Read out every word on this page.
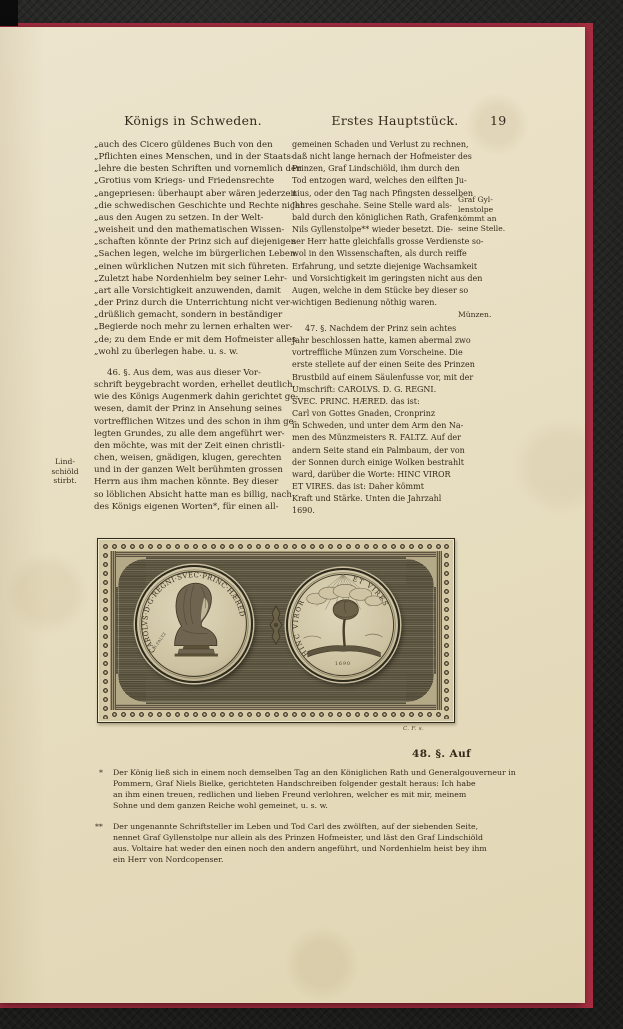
Königs in Schweden.	Erstes Hauptstück.	19
„auch des Cicero güldenes Buch von den
„Pflichten eines Menschen, und in der Staats-
„lehre die besten Schriften und vornemlich den
„Grotius vom Kriegs- und Friedensrechte
„angepriesen: überhaupt aber wären jederzeit
„die schwedischen Geschichte und Rechte nicht
„aus den Augen zu setzen. In der Welt-
„weisheit und den mathematischen Wissen-
„schaften könnte der Prinz sich auf diejenigen
„Sachen legen, welche im bürgerlichen Leben
„einen würklichen Nutzen mit sich führeten.
„Zuletzt habe Nordenhielm bey seiner Lehr-
„art alle Vorsichtigkeit anzuwenden, damit
„der Prinz durch die Unterrichtung nicht ver-
„drüßlich gemacht, sondern in beständiger
„Begierde noch mehr zu lernen erhalten wer-
„de; zu dem Ende er mit dem Hofmeister alles
„wohl zu überlegen habe. u. s. w.
46. §. Aus dem, was aus dieser Vor-
schrift beygebracht worden, erhellet deutlich,
wie des Königs Augenmerk dahin gerichtet ge-
wesen, damit der Prinz in Ansehung seines
vortrefflichen Witzes und des schon in ihm ge-
legten Grundes, zu alle dem angeführt wer-
den möchte, was mit der Zeit einen christli-
chen, weisen, gnädigen, klugen, gerechten
und in der ganzen Welt berühmten grossen
Herrn aus ihm machen könnte. Bey dieser
so löblichen Absicht hatte man es billig, nach
des Königs eigenen Worten*, für einen all-
gemeinen Schaden und Verlust zu rechnen,
daß nicht lange hernach der Hofmeister des
Prinzen, Graf Lindschiöld, ihm durch den
Tod entzogen ward, welches den eilften Ju-
nius, oder den Tag nach Pfingsten desselben
Jahres geschahe. Seine Stelle ward als-
bald durch den königlichen Rath, Grafen
Nils Gyllenstolpe** wieder besetzt. Die-
ser Herr hatte gleichfalls grosse Verdienste so-
wol in den Wissenschaften, als durch reiffe
Erfahrung, und setzte diejenige Wachsamkeit
und Vorsichtigkeit im geringsten nicht aus den
Augen, welche in dem Stücke bey dieser so
wichtigen Bedienung nöthig waren.
47. §. Nachdem der Prinz sein achtes
Jahr beschlossen hatte, kamen abermal zwo
vortreffliche Münzen zum Vorscheine. Die
erste stellete auf der einen Seite des Prinzen
Brustbild auf einem Säulenfusse vor, mit der
Umschrift: CAROLVS. D. G. REGNI.
SVEC. PRINC. HÆRED. das ist:
Carl von Gottes Gnaden, Cronprinz
in Schweden, und unter dem Arm den Na-
men des Münzmeisters R. FALTZ. Auf der
andern Seite stand ein Palmbaum, der von
der Sonnen durch einige Wolken bestrahlt
ward, darüber die Worte: HINC VIROR
ET VIRES. das ist: Daher kömmt
Kraft und Stärke. Unten die Jahrzahl
1690.
Lind-
schiöld
stirbt.
Graf Gyl-
lenstolpe
kömmt an
seine Stelle.
Münzen.
CAROLVS·D·G·REGNI·SVEC·PRINC·HÆRED
R.FALTZ
HINC VIROR
ET VIRES
1690
C. F. s.
48. §. Auf
* Der König ließ sich in einem noch demselben Tag an den Königlichen Rath und Generalgouverneur in
Pommern, Graf Niels Bielke, gerichteten Handschreiben folgender gestalt heraus: Ich habe
an ihm einen treuen, redlichen und lieben Freund verlohren, welcher es mit mir, meinem
Sohne und dem ganzen Reiche wohl gemeinet, u. s. w.
** Der ungenannte Schriftsteller im Leben und Tod Carl des zwölften, auf der siebenden Seite,
nennet Graf Gyllenstolpe nur allein als des Prinzen Hofmeister, und läst den Graf Lindschiöld
aus. Voltaire hat weder den einen noch den andern angeführt, und Nordenhielm heist bey ihm
ein Herr von Nordcopenser.
